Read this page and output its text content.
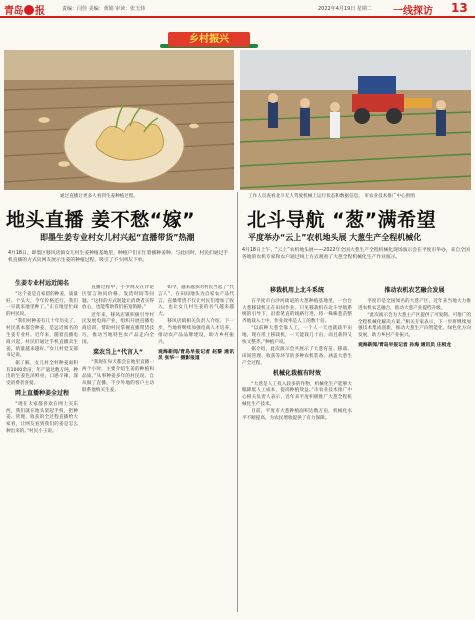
青岛 报	责编：闫佳 美编：黄娟 审读：张玉炜	2022年4月19日 星期二 一线探访 13
乡村振兴
通过直播让更多人看到生姜种植过程。	工作人员查看北斗无人驾驶机械上运行状态和数据信息。 市农业技术推广中心供图
地头直播 姜不愁“嫁”
即墨生姜专业村女儿村兴起“直播带货”热潮
北斗导航 “葱”满希望
平度举办“云上”农机地头展 大葱生产全程机械化
4月18日，即墨区移风店镇女儿村生姜种植基地里，种植户们正忙着播种姜种。与此同时，村民们通过手机直播的方式向网友展示生姜的种植过程，吸引了不少网友下单。
4月18日上午，“云上”农机地头展——2022年全国大葱生产全程机械化现场演示会在平度市举办，来自全国各地的农机专家和农户通过线上方式观看了大葱全程机械化生产作业演示。
生姜专业村远近闻名

“这个姜是自家留的种姜，质量好、个头大，今年价格还行，我们一早就来地里种了。”正在地里忙碌的村民说。

“我们村种姜有几十年历史了，村民基本都会种姜，是远近闻名的生姜专业村。近年来，随着直播电商兴起，村民们通过手机直播卖生姜，销量越来越好。”女儿村党支部书记说。

据了解，女儿村全村种姜面积有1000余亩，年产量达数万吨，种出的生姜色泽鲜亮、口感辛辣，深受消费者喜爱。

网上直播种姜全过程

“现在大家都喜欢在网上买东西，我们就在地头架起手机，把种姜、管理、收获的全过程直播给大家看，让网友看到我们的姜是怎么种出来的。”村民小王说。

直播过程中，不少网友在评论区留言询问价格、发货时间等问题。“这样的方式既能让消费者买得放心，也能帮助我们拓宽销路。”

近年来，移风店镇积极引导村民发展电商产业，组织开展直播电商培训，帮助村民掌握直播带货技巧，推动当地特色农产品走向全国。

菜农当上“代言人”

“我现在每天都会在地里直播一两个小时，主要介绍生姜的种植和品质。”从事种姜多年的村民说，自从做了直播，不少外地的客户主动联系他购买生姜。

如今，越来越多的村民当起了“代言人”，在田间地头为自家农产品代言。直播带货不仅让村民们增加了收入，也让女儿村生姜的名气越来越大。

移风店镇相关负责人介绍，下一步，当地将继续加强电商人才培养，推动农产品品牌建设，助力乡村振兴。

观海新闻/青岛早报记者 赵黎 通讯员 张华一 摄影报道

移栽机用上北斗系统

在平度市白沙河街道的大葱种植基地里，一台台大葱移栽机正在田间作业。只见移栽机在北斗导航系统的引导下，沿着笔直的线路行进，将一株株葱苗整齐地栽入土中，作业效率是人工的数十倍。

“以前种大葱全靠人工，一个人一天也就栽半亩地，现在用上移栽机，一天能栽几十亩，而且栽得又快又整齐。”种植户说。

据介绍，此次演示会共展示了大葱育苗、移栽、田间管理、收获等环节的多种农机装备，涵盖大葱生产全过程。

机械化栽植有时效

“大葱是人工投入较多的作物，机械化生产能够大幅降低人工成本，提高种植效益。”市农业技术推广中心相关负责人表示，近年来平度积极推广大葱全程机械化生产技术。

目前，平度市大葱种植面积达数万亩，机械化水平不断提高，为农民增收提供了有力保障。

推动农机农艺融合发展

平度市是全国闻名的大葱产区，近年来当地大力推进农机农艺融合，推动大葱产业提档升级。

“此次演示会为大葱主产区提供了可复制、可推广的全程机械化解决方案。”相关专家表示，下一步将继续加强技术集成创新，推动大葱生产向智能化、绿色化方向发展，助力乡村产业振兴。

观海新闻/青岛早报记者 孙海 通讯员 庄相龙
